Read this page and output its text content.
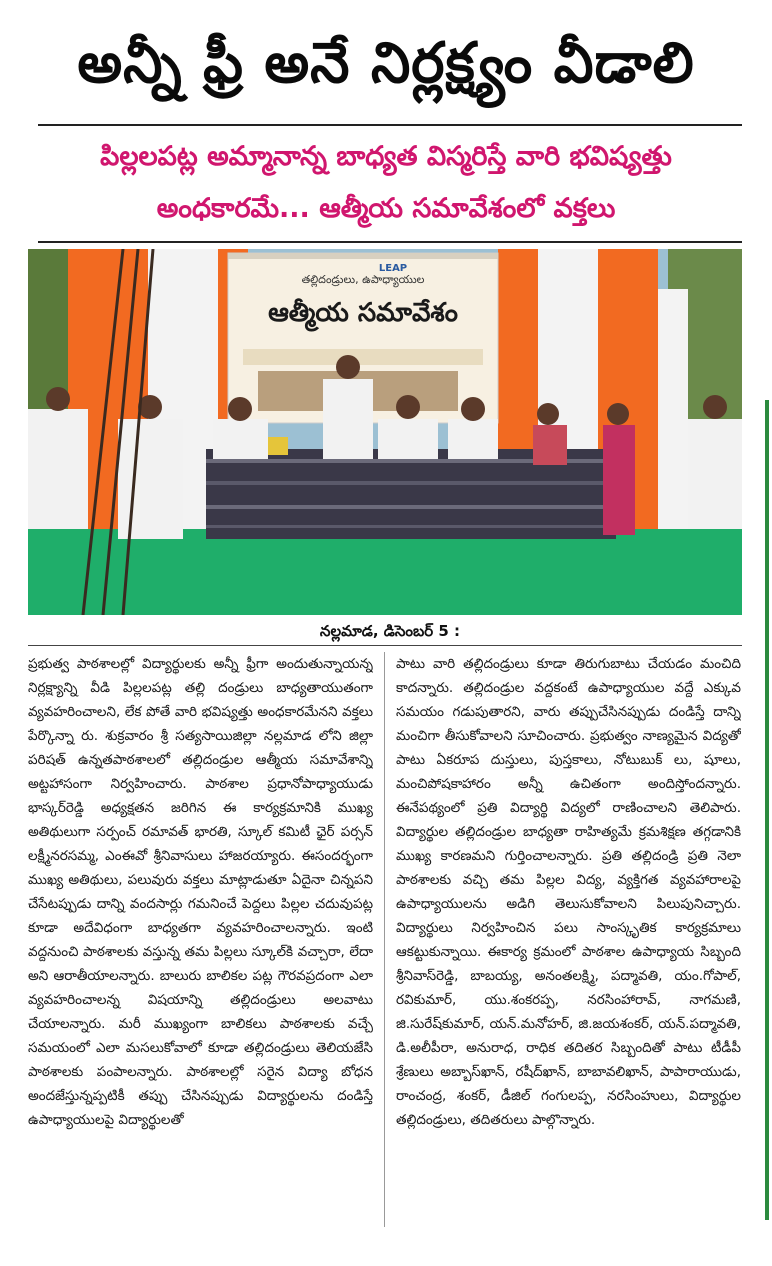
అన్నీ ఫ్రీ అనే నిర్లక్ష్యం వీడాలి
పిల్లలపట్ల అమ్మానాన్న బాధ్యత విస్మరిస్తే వారి భవిష్యత్తు
అంధకారమే... ఆత్మీయ సమావేశంలో వక్తలు
తల్లిదండ్రులు, ఉపాధ్యాయుల
LEAP
ఆత్మీయ సమావేశం
నల్లమాడ, డిసెంబర్ 5 :
ప్రభుత్వ పాఠశాలల్లో విద్యార్థులకు అన్నీ ఫ్రీగా అందుతున్నాయన్న నిర్లక్ష్యాన్ని వీడి పిల్లలపట్ల తల్లి దండ్రులు బాధ్యతాయుతంగా వ్యవహరించాలని, లేక పోతే వారి భవిష్యత్తు అంధకారమేనని వక్తలు పేర్కొన్నా రు. శుక్రవారం శ్రీ సత్యసాయిజిల్లా నల్లమాడ లోని జిల్లా పరిషత్ ఉన్నతపాఠశాలలో తల్లిదండ్రుల ఆత్మీయ సమావేశాన్ని అట్టహాసంగా నిర్వహించారు. పాఠశాల ప్రధానోపాధ్యాయుడు భాస్కర్‌రెడ్డి అధ్యక్షతన జరిగిన ఈ కార్యక్రమానికి ముఖ్య అతిథులుగా సర్పంచ్ రమావత్ భారతి, స్కూల్ కమిటీ ఛైర్ పర్సన్ లక్ష్మీనరసమ్మ, ఎంఈవో శ్రీనివాసులు హాజరయ్యారు. ఈసందర్భంగా ముఖ్య అతిథులు, పలువురు వక్తలు మాట్లాడుతూ ఏదైనా చిన్నపని చేసేటప్పుడు దాన్ని వందసార్లు గమనించే పెద్దలు పిల్లల చదువుపట్ల కూడా అదేవిధంగా బాధ్యతగా వ్యవహరించాలన్నారు. ఇంటి వద్దనుంచి పాఠశాలకు వస్తున్న తమ పిల్లలు స్కూల్‌కి వచ్చారా, లేదా అని ఆరాతీయాలన్నారు. బాలురు బాలికల పట్ల గౌరవప్రదంగా ఎలా వ్యవహరించాలన్న విషయాన్ని తల్లిదండ్రులు అలవాటు చేయాలన్నారు. మరీ ముఖ్యంగా బాలికలు పాఠశాలకు వచ్చే సమయంలో ఎలా మసలుకోవాలో కూడా తల్లిదండ్రులు తెలియజేసి పాఠశాలకు పంపాలన్నారు. పాఠశాలల్లో సరైన విద్యా బోధన అందజేస్తున్నప్పటికీ తప్పు చేసినప్పుడు విద్యార్థులను దండిస్తే ఉపాధ్యాయులపై విద్యార్థులతో
పాటు వారి తల్లిదండ్రులు కూడా తిరుగుబాటు చేయడం మంచిది కాదన్నారు. తల్లిదండ్రుల వద్దకంటే ఉపాధ్యాయుల వద్దే ఎక్కువ సమయం గడుపుతారని, వారు తప్పుచేసినప్పుడు దండిస్తే దాన్ని మంచిగా తీసుకోవాలని సూచించారు. ప్రభుత్వం నాణ్యమైన విద్యతో పాటు ఏకరూప దుస్తులు, పుస్తకాలు, నోటుబుక్ లు, షూలు, మంచిపోషకాహారం అన్నీ ఉచితంగా అందిస్తోందన్నారు. ఈనేపథ్యంలో ప్రతి విద్యార్థి విద్యలో రాణించాలని తెలిపారు. విద్యార్థుల తల్లిదండ్రుల బాధ్యతా రాహిత్యమే క్రమశిక్షణ తగ్గడానికి ముఖ్య కారణమని గుర్తించాలన్నారు. ప్రతి తల్లిదండ్రి ప్రతి నెలా పాఠశాలకు వచ్చి తమ పిల్లల విద్య, వ్యక్తిగత వ్యవహారాలపై ఉపాధ్యాయులను అడిగి తెలుసుకోవాలని పిలుపునిచ్చారు. విద్యార్థులు నిర్వహించిన పలు సాంస్కృతిక కార్యక్రమాలు ఆకట్టుకున్నాయి. ఈకార్య క్రమంలో పాఠశాల ఉపాధ్యాయ సిబ్బంది శ్రీనివాస్‌రెడ్డి, బాబయ్య, అనంతలక్ష్మి, పద్మావతి, యం.గోపాల్, రవికుమార్, యు.శంకరప్ప, నరసింహారావ్, నాగమణి, జి.సురేష్‌కుమార్, యన్.మనోహర్, జి.జయశంకర్, యన్.పద్మావతి, డి.అలీపీరా, అనురాధ, రాధిక తదితర సిబ్బందితో పాటు టీడీపీ శ్రేణులు అబ్బాస్‌ఖాన్, రషీద్‌ఖాన్, బాబావలిఖాన్, పాపారాయుడు, రాంచంద్ర, శంకర్, డీజిల్ గంగులప్ప, నరసింహులు, విద్యార్థుల తల్లిదండ్రులు, తదితరులు పాల్గొన్నారు.
